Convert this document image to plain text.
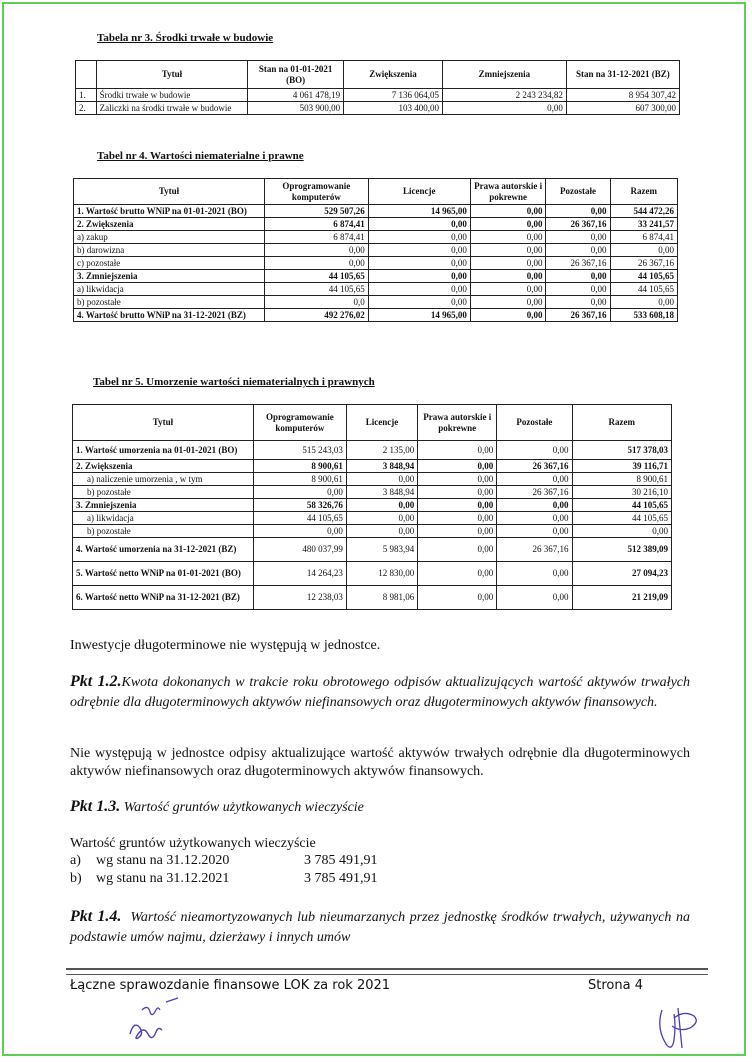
Tabela nr 3. Środki trwałe w budowie
	Tytuł	Stan na 01-01-2021 (BO)	Zwiększenia	Zmniejszenia	Stan na 31-12-2021 (BZ)
1.	Środki trwałe w budowie	4 061 478,19	7 136 064,05	2 243 234,82	8 954 307,42
2.	Zaliczki na środki trwałe w budowie	503 900,00	103 400,00	0,00	607 300,00
Tabel nr 4. Wartości niematerialne i prawne
Tytuł	Oprogramowanie komputerów	Licencje	Prawa autorskie i pokrewne	Pozostałe	Razem
1. Wartość brutto WNiP na 01-01-2021 (BO)	529 507,26	14 965,00	0,00	0,00	544 472,26
2. Zwiększenia	6 874,41	0,00	0,00	26 367,16	33 241,57
a) zakup	6 874,41	0,00	0,00	0,00	6 874,41
b) darowizna	0,00	0,00	0,00	0,00	0,00
c) pozostałe	0,00	0,00	0,00	26 367,16	26 367,16
3. Zmniejszenia	44 105,65	0,00	0,00	0,00	44 105,65
a) likwidacja	44 105,65	0,00	0,00	0,00	44 105,65
b) pozostałe	0,0	0,00	0,00	0,00	0,00
4. Wartość brutto WNiP na 31-12-2021 (BZ)	492 276,02	14 965,00	0,00	26 367,16	533 608,18
Tabel nr 5. Umorzenie wartości niematerialnych i prawnych
Tytuł	Oprogramowanie komputerów	Licencje	Prawa autorskie i pokrewne	Pozostałe	Razem
1. Wartość umorzenia na 01-01-2021 (BO)	515 243,03	2 135,00	0,00	0,00	517 378,03
2. Zwiększenia	8 900,61	3 848,94	0,00	26 367,16	39 116,71
a) naliczenie umorzenia , w tym	8 900,61	0,00	0,00	0,00	8 900,61
b) pozostałe	0,00	3 848,94	0,00	26 367,16	30 216,10
3. Zmniejszenia	58 326,76	0,00	0,00	0,00	44 105,65
a) likwidacja	44 105,65	0,00	0,00	0,00	44 105,65
b) pozostałe	0,00	0,00	0,00	0,00	0,00
4. Wartość umorzenia na 31-12-2021 (BZ)	480 037,99	5 983,94	0,00	26 367,16	512 389,09
5. Wartość netto WNiP na 01-01-2021 (BO)	14 264,23	12 830,00	0,00	0,00	27 094,23
6. Wartość netto WNiP na 31-12-2021 (BZ)	12 238,03	8 981,06	0,00	0,00	21 219,09
Inwestycje długoterminowe nie występują w jednostce.
Pkt 1.2.Kwota dokonanych w trakcie roku obrotowego odpisów aktualizujących wartość aktywów trwałych odrębnie dla długoterminowych aktywów niefinansowych oraz długoterminowych aktywów finansowych.
Nie występują w jednostce odpisy aktualizujące wartość aktywów trwałych odrębnie dla długoterminowych aktywów niefinansowych oraz długoterminowych aktywów finansowych.
Pkt 1.3. Wartość gruntów użytkowanych wieczyście
Wartość gruntów użytkowanych wieczyście
a) wg stanu na 31.12.2020	3 785 491,91
b) wg stanu na 31.12.2021	3 785 491,91
Pkt 1.4. Wartość nieamortyzowanych lub nieumarzanych przez jednostkę środków trwałych, używanych na podstawie umów najmu, dzierżawy i innych umów
Łączne sprawozdanie finansowe LOK za rok 2021	Strona 4
